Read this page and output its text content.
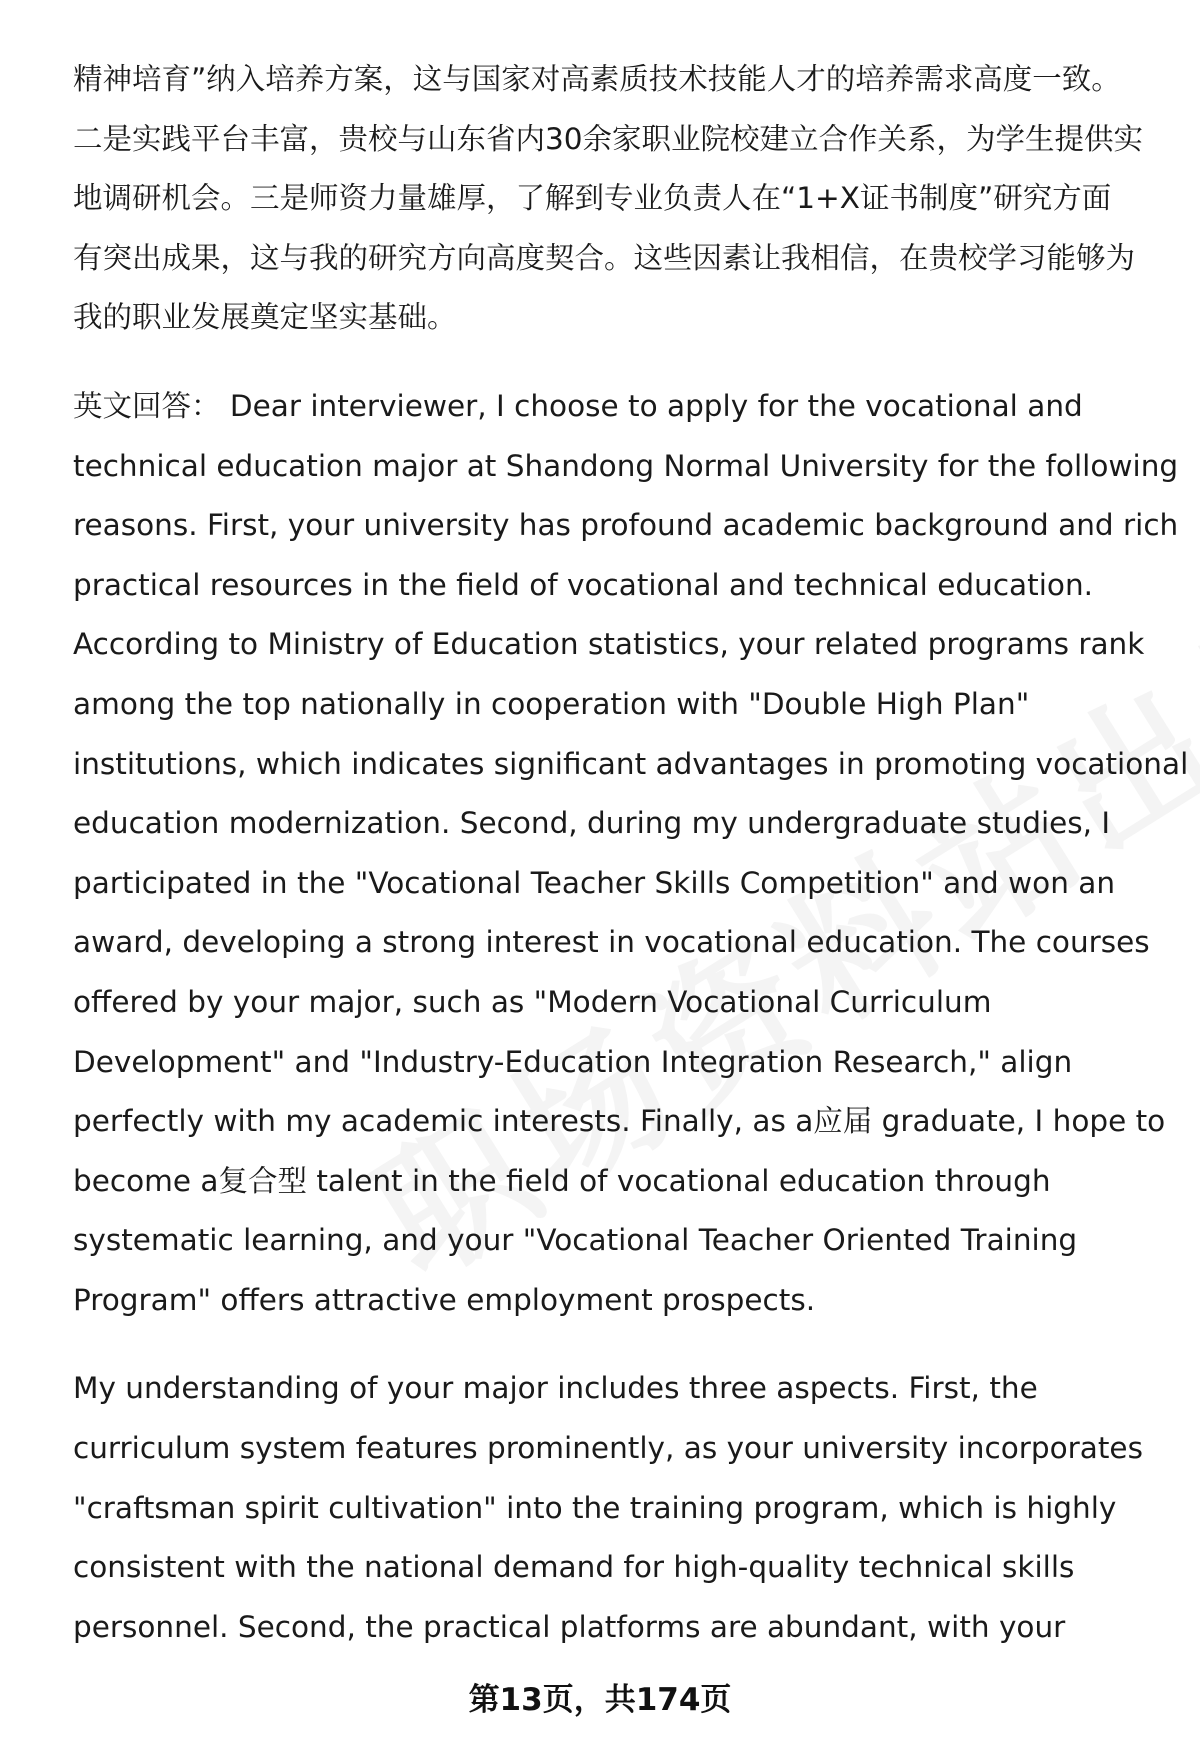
精神培育”纳入培养方案，这与国家对高素质技术技能人才的培养需求高度一致。
二是实践平台丰富，贵校与山东省内30余家职业院校建立合作关系，为学生提供实
地调研机会。三是师资力量雄厚，了解到专业负责人在“1+X证书制度”研究方面
有突出成果，这与我的研究方向高度契合。这些因素让我相信，在贵校学习能够为
我的职业发展奠定坚实基础。

英文回答： Dear interviewer, I choose to apply for the vocational and
technical education major at Shandong Normal University for the following
reasons. First, your university has profound academic background and rich
practical resources in the field of vocational and technical education.
According to Ministry of Education statistics, your related programs rank
among the top nationally in cooperation with "Double High Plan"
institutions, which indicates significant advantages in promoting vocational
education modernization. Second, during my undergraduate studies, I
participated in the "Vocational Teacher Skills Competition" and won an
award, developing a strong interest in vocational education. The courses
offered by your major, such as "Modern Vocational Curriculum
Development" and "Industry-Education Integration Research," align
perfectly with my academic interests. Finally, as a应届 graduate, I hope to
become a复合型 talent in the field of vocational education through
systematic learning, and your "Vocational Teacher Oriented Training
Program" offers attractive employment prospects.

My understanding of your major includes three aspects. First, the
curriculum system features prominently, as your university incorporates
"craftsman spirit cultivation" into the training program, which is highly
consistent with the national demand for high-quality technical skills
personnel. Second, the practical platforms are abundant, with your

第13页，共174页
